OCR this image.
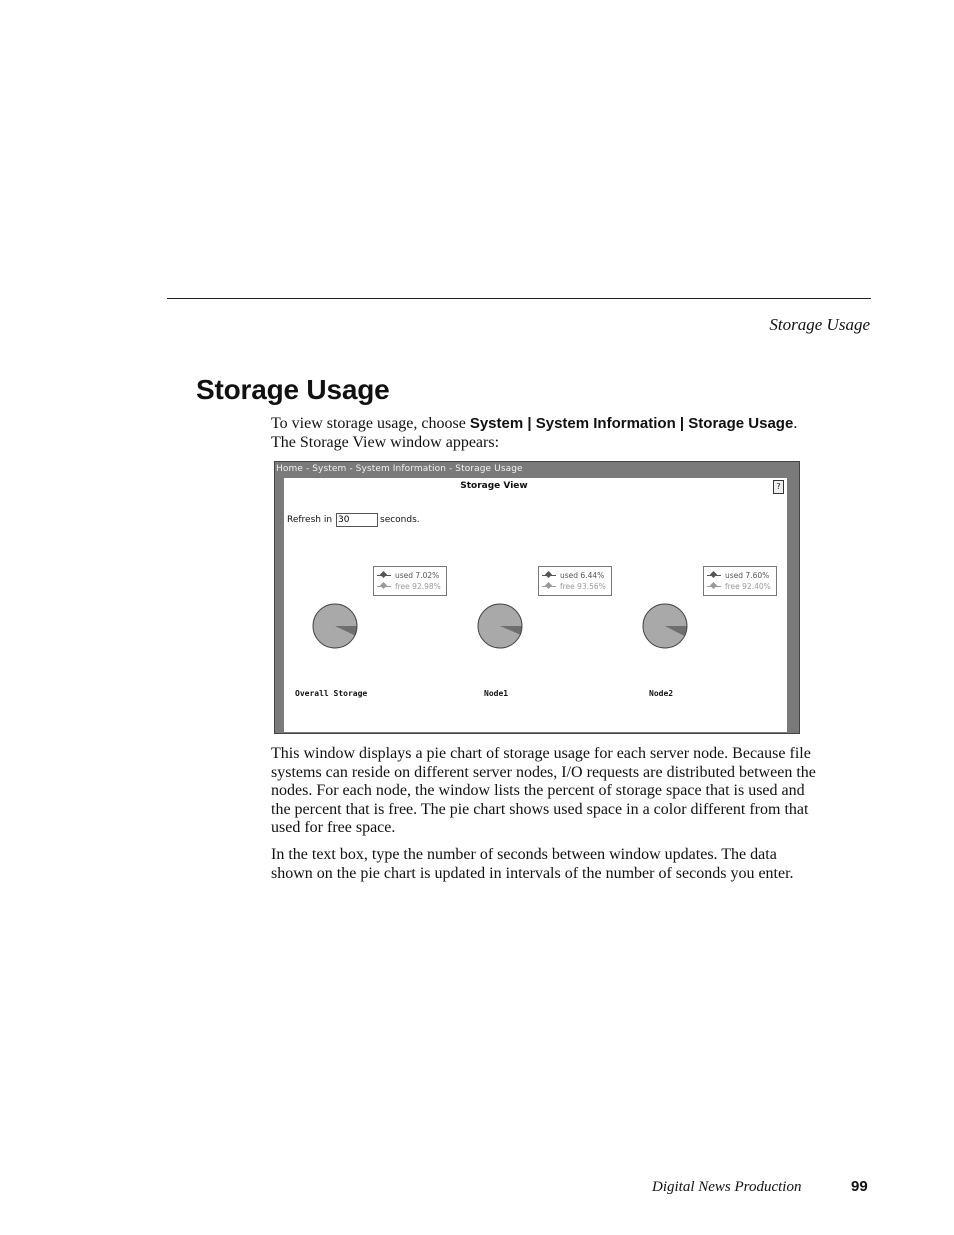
Storage Usage
Storage Usage
To view storage usage, choose System | System Information | Storage Usage. The Storage View window appears:
Home - System - System Information - Storage Usage
Storage View	?
Refresh in
30	seconds.
used 7.02%
free 92.98%
Overall Storage
used 6.44%
free 93.56%
Node1
used 7.60%
free 92.40%
Node2
This window displays a pie chart of storage usage for each server node. Because file systems can reside on different server nodes, I/O requests are distributed between the nodes. For each node, the window lists the percent of storage space that is used and the percent that is free. The pie chart shows used space in a color different from that used for free space.
In the text box, type the number of seconds between window updates. The data shown on the pie chart is updated in intervals of the number of seconds you enter.
Digital News Production	99
